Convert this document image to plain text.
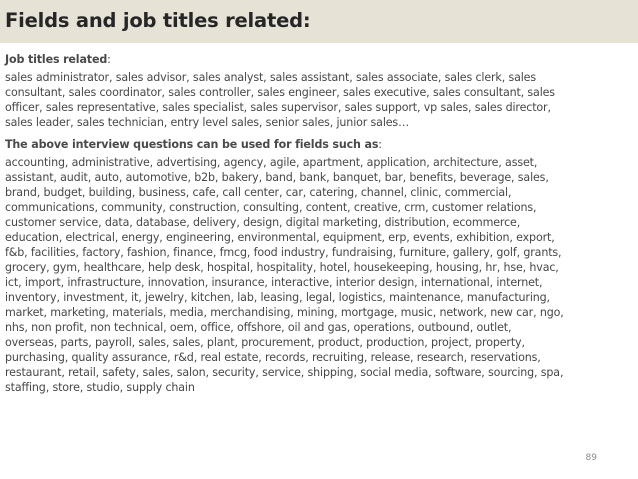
Fields and job titles related:
Job titles related:

sales administrator, sales advisor, sales analyst, sales assistant, sales associate, sales clerk, sales
consultant, sales coordinator, sales controller, sales engineer, sales executive, sales consultant, sales
officer, sales representative, sales specialist, sales supervisor, sales support, vp sales, sales director,
sales leader, sales technician, entry level sales, senior sales, junior sales…

The above interview questions can be used for fields such as:

accounting, administrative, advertising, agency, agile, apartment, application, architecture, asset,
assistant, audit, auto, automotive, b2b, bakery, band, bank, banquet, bar, benefits, beverage, sales,
brand, budget, building, business, cafe, call center, car, catering, channel, clinic, commercial,
communications, community, construction, consulting, content, creative, crm, customer relations,
customer service, data, database, delivery, design, digital marketing, distribution, ecommerce,
education, electrical, energy, engineering, environmental, equipment, erp, events, exhibition, export,
f&b, facilities, factory, fashion, finance, fmcg, food industry, fundraising, furniture, gallery, golf, grants,
grocery, gym, healthcare, help desk, hospital, hospitality, hotel, housekeeping, housing, hr, hse, hvac,
ict, import, infrastructure, innovation, insurance, interactive, interior design, international, internet,
inventory, investment, it, jewelry, kitchen, lab, leasing, legal, logistics, maintenance, manufacturing,
market, marketing, materials, media, merchandising, mining, mortgage, music, network, new car, ngo,
nhs, non profit, non technical, oem, office, offshore, oil and gas, operations, outbound, outlet,
overseas, parts, payroll, sales, sales, plant, procurement, product, production, project, property,
purchasing, quality assurance, r&d, real estate, records, recruiting, release, research, reservations,
restaurant, retail, safety, sales, salon, security, service, shipping, social media, software, sourcing, spa,
staffing, store, studio, supply chain

89
